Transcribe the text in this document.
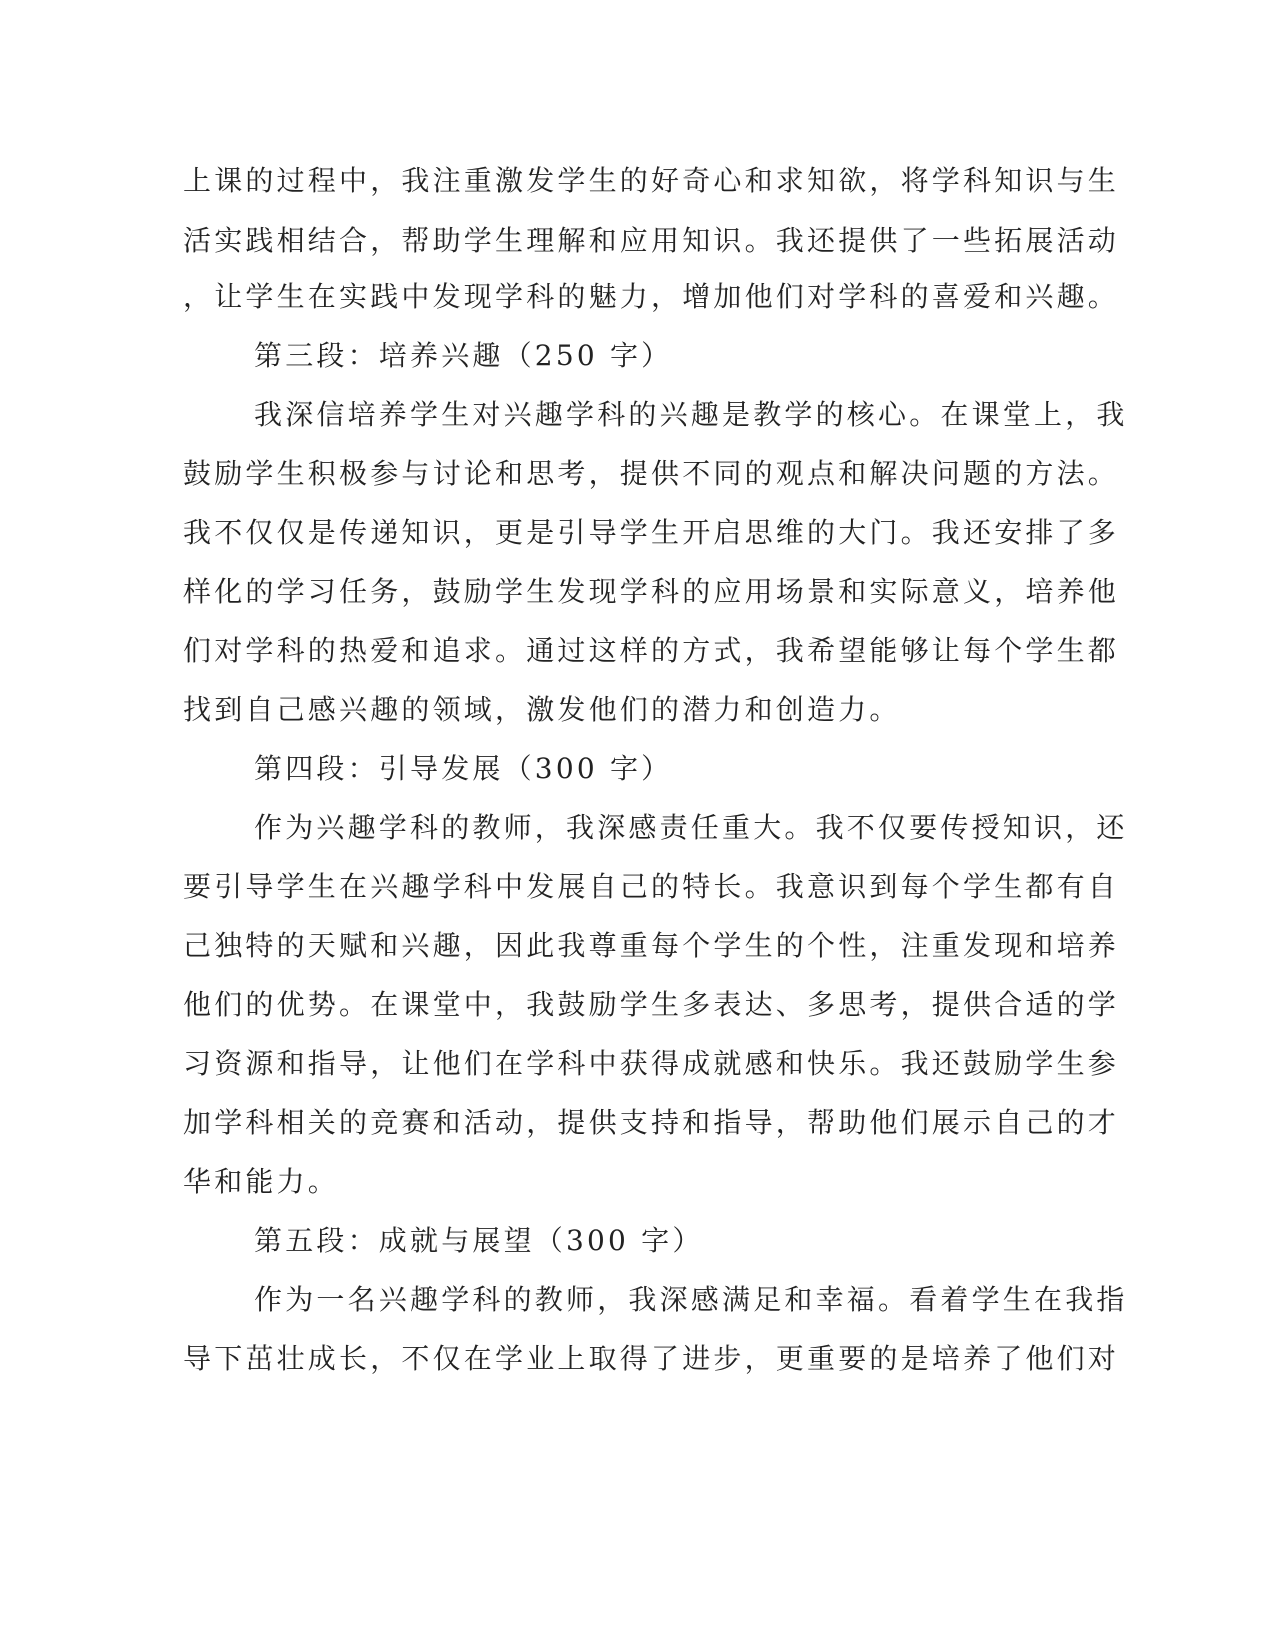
上课的过程中，我注重激发学生的好奇心和求知欲，将学科知识与生
活实践相结合，帮助学生理解和应用知识。我还提供了一些拓展活动
，让学生在实践中发现学科的魅力，增加他们对学科的喜爱和兴趣。
第三段：培养兴趣（250 字）
我深信培养学生对兴趣学科的兴趣是教学的核心。在课堂上，我
鼓励学生积极参与讨论和思考，提供不同的观点和解决问题的方法。
我不仅仅是传递知识，更是引导学生开启思维的大门。我还安排了多
样化的学习任务，鼓励学生发现学科的应用场景和实际意义，培养他
们对学科的热爱和追求。通过这样的方式，我希望能够让每个学生都
找到自己感兴趣的领域，激发他们的潜力和创造力。
第四段：引导发展（300 字）
作为兴趣学科的教师，我深感责任重大。我不仅要传授知识，还
要引导学生在兴趣学科中发展自己的特长。我意识到每个学生都有自
己独特的天赋和兴趣，因此我尊重每个学生的个性，注重发现和培养
他们的优势。在课堂中，我鼓励学生多表达、多思考，提供合适的学
习资源和指导，让他们在学科中获得成就感和快乐。我还鼓励学生参
加学科相关的竞赛和活动，提供支持和指导，帮助他们展示自己的才
华和能力。
第五段：成就与展望（300 字）
作为一名兴趣学科的教师，我深感满足和幸福。看着学生在我指
导下茁壮成长，不仅在学业上取得了进步，更重要的是培养了他们对
